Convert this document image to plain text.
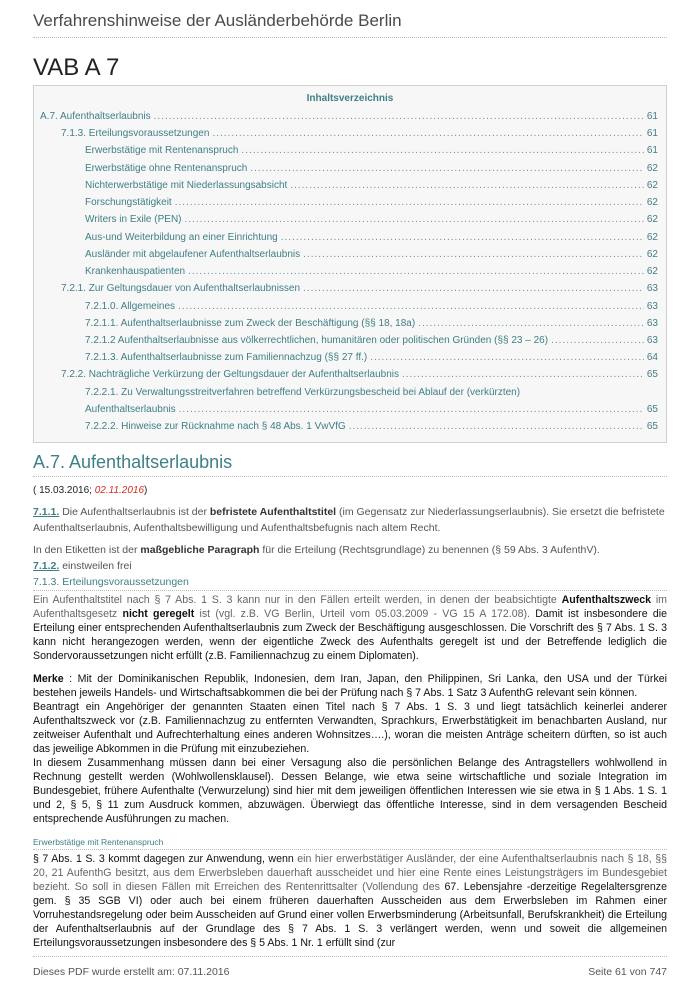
Verfahrenshinweise der Ausländerbehörde Berlin
VAB A 7
Inhaltsverzeichnis
A.7. Aufenthaltserlaubnis .....	61
7.1.3. Erteilungsvoraussetzungen .....	61
Erwerbstätige mit Rentenanspruch .....	61
Erwerbstätige ohne Rentenanspruch .....	62
Nichterwerbstätige mit Niederlassungsabsicht .....	62
Forschungstätigkeit .....	62
Writers in Exile (PEN) .....	62
Aus-und Weiterbildung an einer Einrichtung .....	62
Ausländer mit abgelaufener Aufenthaltserlaubnis .....	62
Krankenhauspatienten .....	62
7.2.1. Zur Geltungsdauer von Aufenthaltserlaubnissen .....	63
7.2.1.0. Allgemeines .....	63
7.2.1.1. Aufenthaltserlaubnisse zum Zweck der Beschäftigung (§§ 18, 18a) .....	63
7.2.1.2 Aufenthaltserlaubnisse aus völkerrechtlichen, humanitären oder politischen Gründen (§§ 23 – 26) .....	63
7.2.1.3. Aufenthaltserlaubnisse zum Familiennachzug (§§ 27 ff.) .....	64
7.2.2. Nachträgliche Verkürzung der Geltungsdauer der Aufenthaltserlaubnis .....	65
7.2.2.1. Zu Verwaltungsstreitverfahren betreffend Verkürzungsbescheid bei Ablauf der (verkürzten)
Aufenthaltserlaubnis .....	65
7.2.2.2. Hinweise zur Rücknahme nach § 48 Abs. 1 VwVfG .....	65
A.7. Aufenthaltserlaubnis
( 15.03.2016; 02.11.2016)
7.1.1. Die Aufenthaltserlaubnis ist der befristete Aufenthaltstitel (im Gegensatz zur Niederlassungserlaubnis). Sie ersetzt die befristete Aufenthaltserlaubnis, Aufenthaltsbewilligung und Aufenthaltsbefugnis nach altem Recht.
In den Etiketten ist der maßgebliche Paragraph für die Erteilung (Rechtsgrundlage) zu benennen (§ 59 Abs. 3 AufenthV).
7.1.2. einstweilen frei
7.1.3. Erteilungsvoraussetzungen
Ein Aufenthaltstitel nach § 7 Abs. 1 S. 3 kann nur in den Fällen erteilt werden, in denen der beabsichtigte Aufenthaltszweck im Aufenthaltsgesetz nicht geregelt ist (vgl. z.B. VG Berlin, Urteil vom 05.03.2009 - VG 15 A 172.08). Damit ist insbesondere die Erteilung einer entsprechenden Aufenthaltserlaubnis zum Zweck der Beschäftigung ausgeschlossen. Die Vorschrift des § 7 Abs. 1 S. 3 kann nicht herangezogen werden, wenn der eigentliche Zweck des Aufenthalts geregelt ist und der Betreffende lediglich die Sondervoraussetzungen nicht erfüllt (z.B. Familiennachzug zu einem Diplomaten).
Merke : Mit der Dominikanischen Republik, Indonesien, dem Iran, Japan, den Philippinen, Sri Lanka, den USA und der Türkei bestehen jeweils Handels- und Wirtschaftsabkommen die bei der Prüfung nach § 7 Abs. 1 Satz 3 AufenthG relevant sein können.
Beantragt ein Angehöriger der genannten Staaten einen Titel nach § 7 Abs. 1 S. 3 und liegt tatsächlich keinerlei anderer Aufenthaltszweck vor (z.B. Familiennachzug zu entfernten Verwandten, Sprachkurs, Erwerbstätigkeit im benachbarten Ausland, nur zeitweiser Aufenthalt und Aufrechterhaltung eines anderen Wohnsitzes….), woran die meisten Anträge scheitern dürften, so ist auch das jeweilige Abkommen in die Prüfung mit einzubeziehen.
In diesem Zusammenhang müssen dann bei einer Versagung also die persönlichen Belange des Antragstellers wohlwollend in Rechnung gestellt werden (Wohlwollensklausel). Dessen Belange, wie etwa seine wirtschaftliche und soziale Integration im Bundesgebiet, frühere Aufenthalte (Verwurzelung) sind hier mit dem jeweiligen öffentlichen Interessen wie sie etwa in § 1 Abs. 1 S. 1 und 2, § 5, § 11 zum Ausdruck kommen, abzuwägen. Überwiegt das öffentliche Interesse, sind in dem versagenden Bescheid entsprechende Ausführungen zu machen.
Erwerbstätige mit Rentenanspruch
§ 7 Abs. 1 S. 3 kommt dagegen zur Anwendung, wenn ein hier erwerbstätiger Ausländer, der eine Aufenthaltserlaubnis nach § 18, §§ 20, 21 AufenthG besitzt, aus dem Erwerbsleben dauerhaft ausscheidet und hier eine Rente eines Leistungsträgers im Bundesgebiet bezieht. So soll in diesen Fällen mit Erreichen des Rentenrittsalter (Vollendung des 67. Lebensjahre -derzeitige Regelaltersgrenze gem. § 35 SGB VI) oder auch bei einem früheren dauerhaften Ausscheiden aus dem Erwerbsleben im Rahmen einer Vorruhestandsregelung oder beim Ausscheiden auf Grund einer vollen Erwerbsminderung (Arbeitsunfall, Berufskrankheit) die Erteilung der Aufenthaltserlaubnis auf der Grundlage des § 7 Abs. 1 S. 3 verlängert werden, wenn und soweit die allgemeinen Erteilungsvoraussetzungen insbesondere des § 5 Abs. 1 Nr. 1 erfüllt sind (zur
Dieses PDF wurde erstellt am: 07.11.2016	Seite 61 von 747
